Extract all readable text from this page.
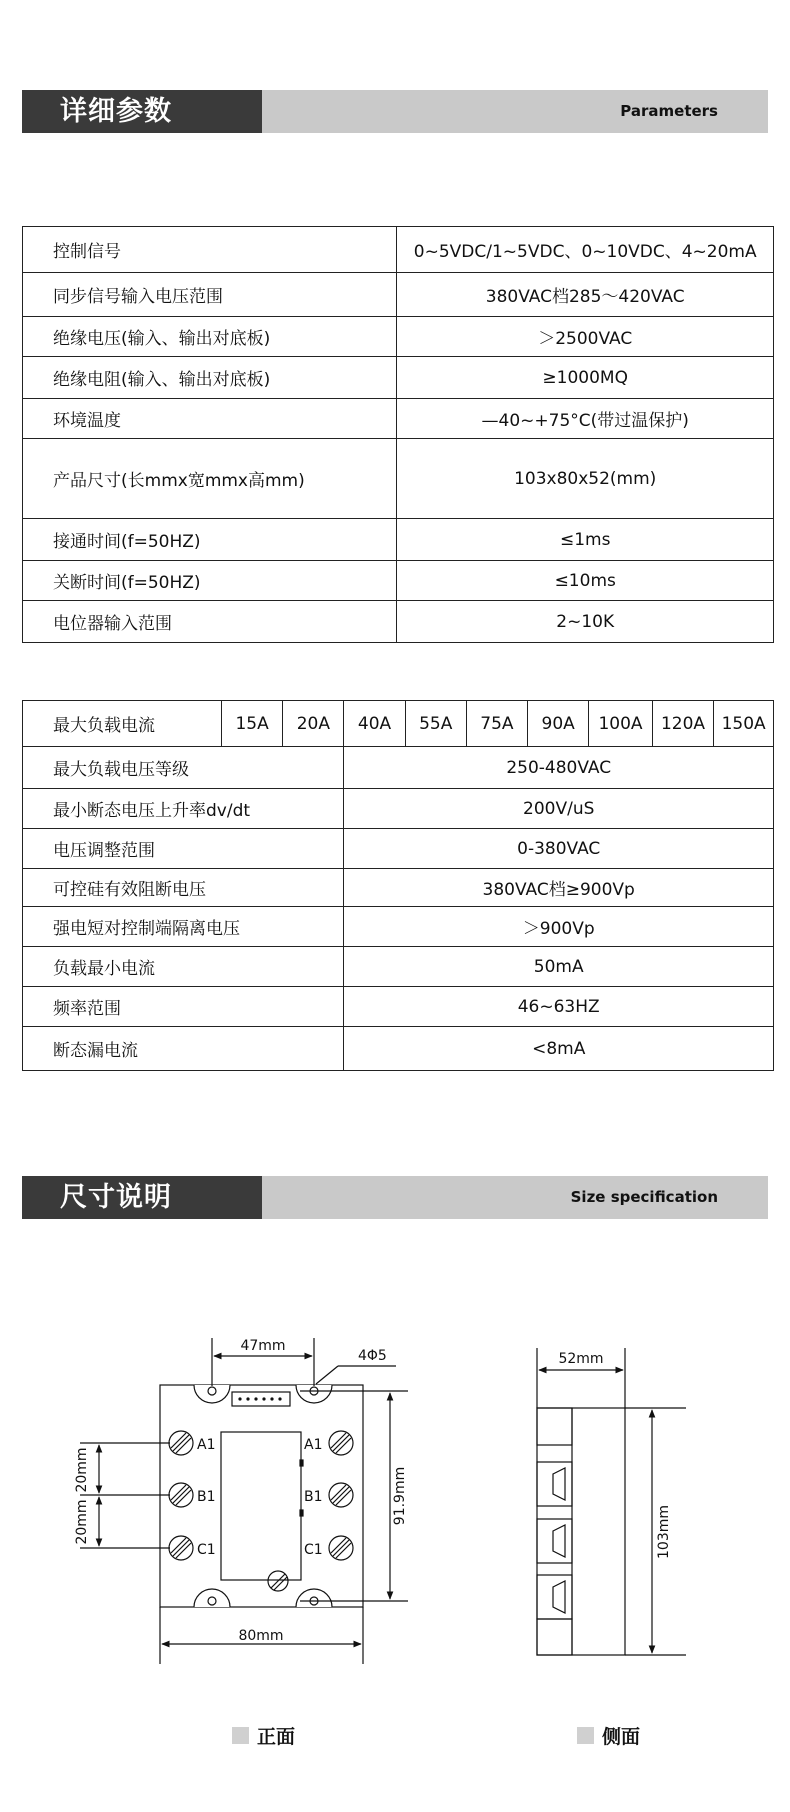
详细参数	Parameters
控制信号	0~5VDC/1~5VDC、0~10VDC、4~20mA
同步信号输入电压范围	380VAC档285～420VAC
绝缘电压(输入、输出对底板)	＞2500VAC
绝缘电阻(输入、输出对底板)	≥1000MQ
环境温度	—40~+75°C(带过温保护)
产品尺寸(长mmx宽mmx高mm)	103x80x52(mm)
接通时间(f=50HZ)	≤1ms
关断时间(f=50HZ)	≤10ms
电位器输入范围	2~10K
最大负载电流	15A	20A	40A	55A	75A	90A	100A	120A	150A
最大负载电压等级			250-480VAC						
最小断态电压上升率dv/dt			200V/uS						
电压调整范围			0-380VAC						
可控硅有效阻断电压			380VAC档≥900Vp						
强电短对控制端隔离电压			＞900Vp						
负载最小电流			50mA						
频率范围			46~63HZ						
断态漏电流			<8mA						
尺寸说明	Size specification
47mm
4Φ5
80mm
91.9mm
20mm
20mm
A1
B1
C1
A1
B1
C1
52mm
103mm
正面	侧面
